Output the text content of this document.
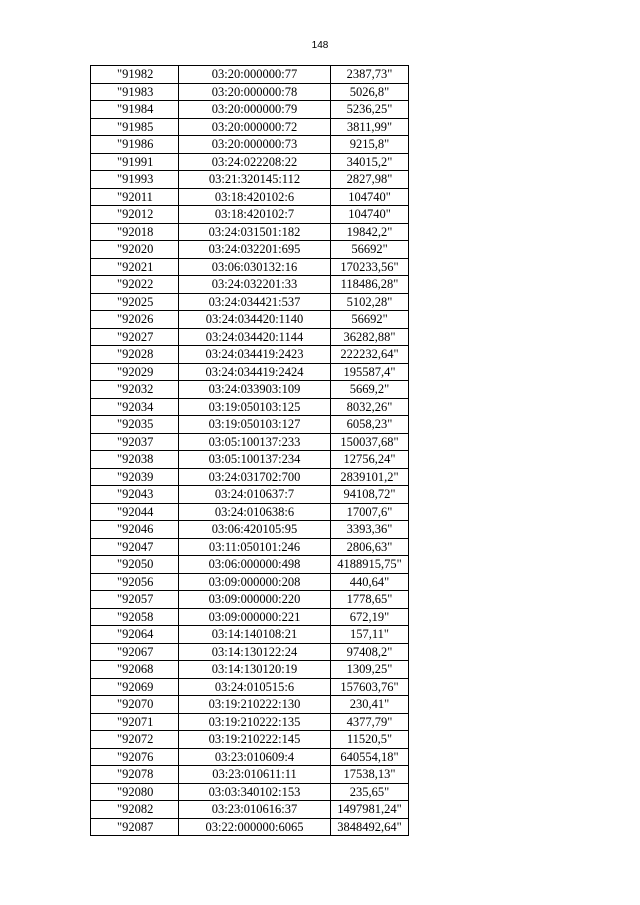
148
"91982	03:20:000000:77	2387,73"
"91983	03:20:000000:78	5026,8"
"91984	03:20:000000:79	5236,25"
"91985	03:20:000000:72	3811,99"
"91986	03:20:000000:73	9215,8"
"91991	03:24:022208:22	34015,2"
"91993	03:21:320145:112	2827,98"
"92011	03:18:420102:6	104740"
"92012	03:18:420102:7	104740"
"92018	03:24:031501:182	19842,2"
"92020	03:24:032201:695	56692"
"92021	03:06:030132:16	170233,56"
"92022	03:24:032201:33	118486,28"
"92025	03:24:034421:537	5102,28"
"92026	03:24:034420:1140	56692"
"92027	03:24:034420:1144	36282,88"
"92028	03:24:034419:2423	222232,64"
"92029	03:24:034419:2424	195587,4"
"92032	03:24:033903:109	5669,2"
"92034	03:19:050103:125	8032,26"
"92035	03:19:050103:127	6058,23"
"92037	03:05:100137:233	150037,68"
"92038	03:05:100137:234	12756,24"
"92039	03:24:031702:700	2839101,2"
"92043	03:24:010637:7	94108,72"
"92044	03:24:010638:6	17007,6"
"92046	03:06:420105:95	3393,36"
"92047	03:11:050101:246	2806,63"
"92050	03:06:000000:498	4188915,75"
"92056	03:09:000000:208	440,64"
"92057	03:09:000000:220	1778,65"
"92058	03:09:000000:221	672,19"
"92064	03:14:140108:21	157,11"
"92067	03:14:130122:24	97408,2"
"92068	03:14:130120:19	1309,25"
"92069	03:24:010515:6	157603,76"
"92070	03:19:210222:130	230,41"
"92071	03:19:210222:135	4377,79"
"92072	03:19:210222:145	11520,5"
"92076	03:23:010609:4	640554,18"
"92078	03:23:010611:11	17538,13"
"92080	03:03:340102:153	235,65"
"92082	03:23:010616:37	1497981,24"
"92087	03:22:000000:6065	3848492,64"
